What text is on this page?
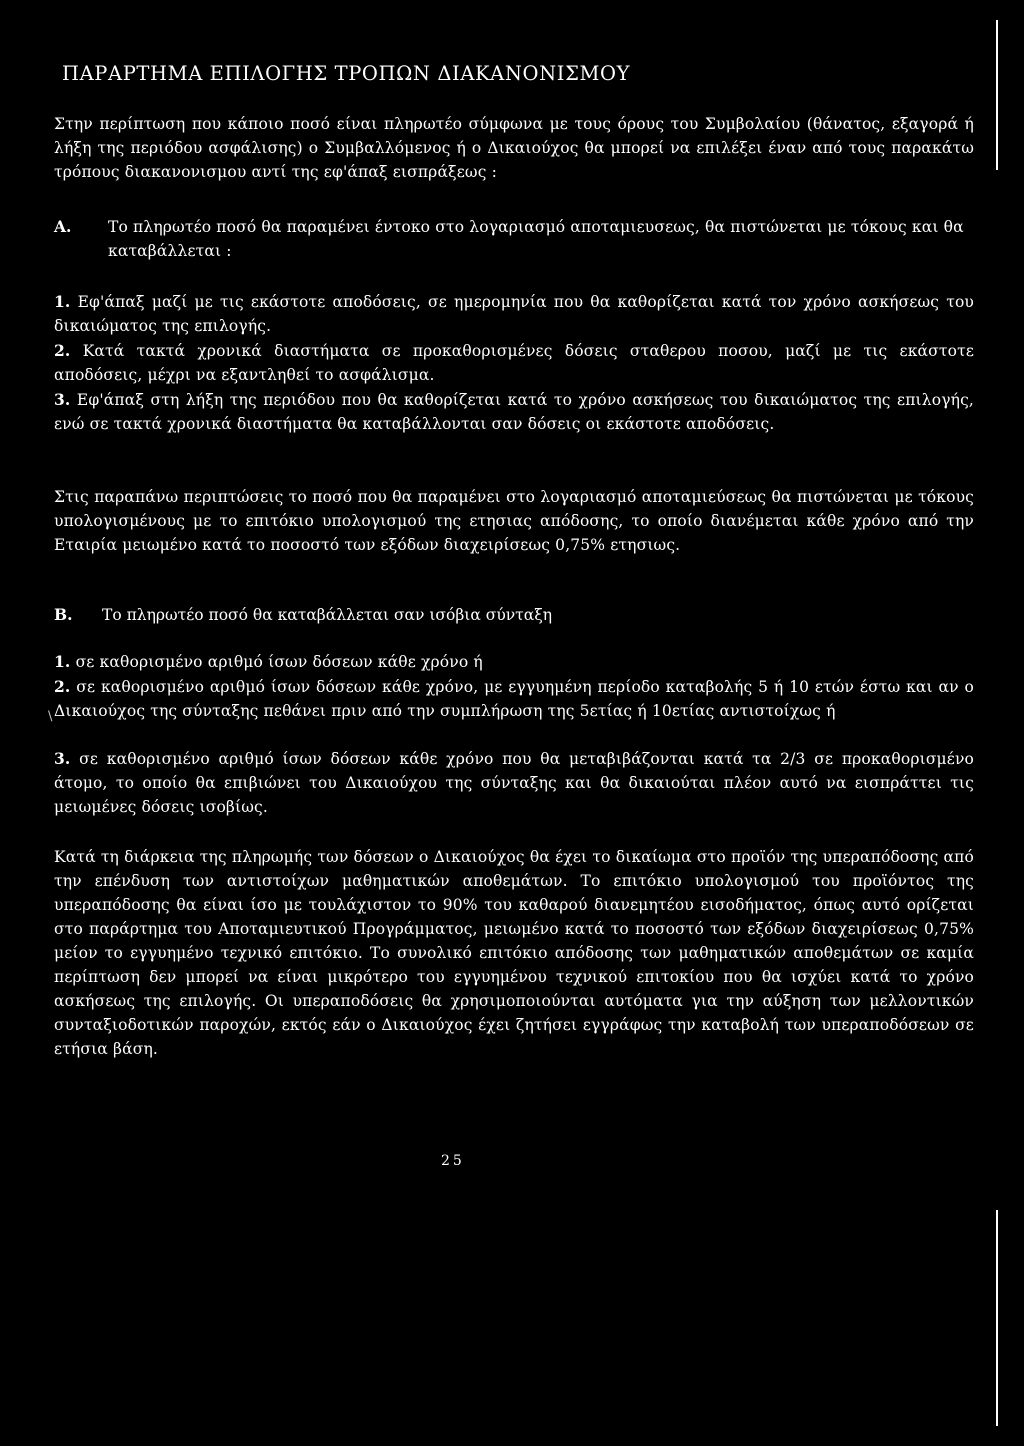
ΠΑΡΑΡΤΗΜΑ ΕΠΙΛΟΓΗΣ ΤΡΟΠΩΝ ΔΙΑΚΑΝΟΝΙΣΜΟΥ
Στην περίπτωση που κάποιο ποσό είναι πληρωτέο σύμφωνα με τους όρους του Συμβολαίου (θάνατος, εξαγορά ή λήξη της περιόδου ασφάλισης) ο Συμβαλλόμενος ή ο Δικαιούχος θα μπορεί να επιλέξει έναν από τους παρακάτω τρόπους διακανονισμου αντί της εφ'άπαξ εισπράξεως :
Α. Το πληρωτέο ποσό θα παραμένει έντοκο στο λογαριασμό αποταμιευσεως, θα πιστώνεται με τόκους και θα καταβάλλεται :
1. Εφ'άπαξ μαζί με τις εκάστοτε αποδόσεις, σε ημερομηνία που θα καθορίζεται κατά τον χρόνο ασκήσεως του δικαιώματος της επιλογής.
2. Κατά τακτά χρονικά διαστήματα σε προκαθορισμένες δόσεις σταθερου ποσου, μαζί με τις εκάστοτε αποδόσεις, μέχρι να εξαντληθεί το ασφάλισμα.
3. Εφ'άπαξ στη λήξη της περιόδου που θα καθορίζεται κατά το χρόνο ασκήσεως του δικαιώματος της επιλογής, ενώ σε τακτά χρονικά διαστήματα θα καταβάλλονται σαν δόσεις οι εκάστοτε αποδόσεις.
Στις παραπάνω περιπτώσεις το ποσό που θα παραμένει στο λογαριασμό αποταμιεύσεως θα πιστώνεται με τόκους υπολογισμένους με το επιτόκιο υπολογισμού της ετησιας απόδοσης, το οποίο διανέμεται κάθε χρόνο από την Εταιρία μειωμένο κατά το ποσοστό των εξόδων διαχειρίσεως 0,75% ετησιως.
Β. Το πληρωτέο ποσό θα καταβάλλεται σαν ισόβια σύνταξη
1. σε καθορισμένο αριθμό ίσων δόσεων κάθε χρόνο ή
2. σε καθορισμένο αριθμό ίσων δόσεων κάθε χρόνο, με εγγυημένη περίοδο καταβολής 5 ή 10 ετών έστω και αν ο Δικαιούχος της σύνταξης πεθάνει πριν από την συμπλήρωση της 5ετίας ή 10ετίας αντιστοίχως ή
\
3. σε καθορισμένο αριθμό ίσων δόσεων κάθε χρόνο που θα μεταβιβάζονται κατά τα 2/3 σε προκαθορισμένο άτομο, το οποίο θα επιβιώνει του Δικαιούχου της σύνταξης και θα δικαιούται πλέον αυτό να εισπράττει τις μειωμένες δόσεις ισοβίως.
Κατά τη διάρκεια της πληρωμής των δόσεων ο Δικαιούχος θα έχει το δικαίωμα στο προϊόν της υπεραπόδοσης από την επένδυση των αντιστοίχων μαθηματικών αποθεμάτων. Το επιτόκιο υπολογισμού του προϊόντος της υπεραπόδοσης θα είναι ίσο με τουλάχιστον το 90% του καθαρού διανεμητέου εισοδήματος, όπως αυτό ορίζεται στο παράρτημα του Αποταμιευτικού Προγράμματος, μειωμένο κατά το ποσοστό των εξόδων διαχειρίσεως 0,75% μείον το εγγυημένο τεχνικό επιτόκιο. Το συνολικό επιτόκιο απόδοσης των μαθηματικών αποθεμάτων σε καμία περίπτωση δεν μπορεί να είναι μικρότερο του εγγυημένου τεχνικού επιτοκίου που θα ισχύει κατά το χρόνο ασκήσεως της επιλογής. Οι υπεραποδόσεις θα χρησιμοποιούνται αυτόματα για την αύξηση των μελλοντικών συνταξιοδοτικών παροχών, εκτός εάν ο Δικαιούχος έχει ζητήσει εγγράφως την καταβολή των υπεραποδόσεων σε ετήσια βάση.
25
